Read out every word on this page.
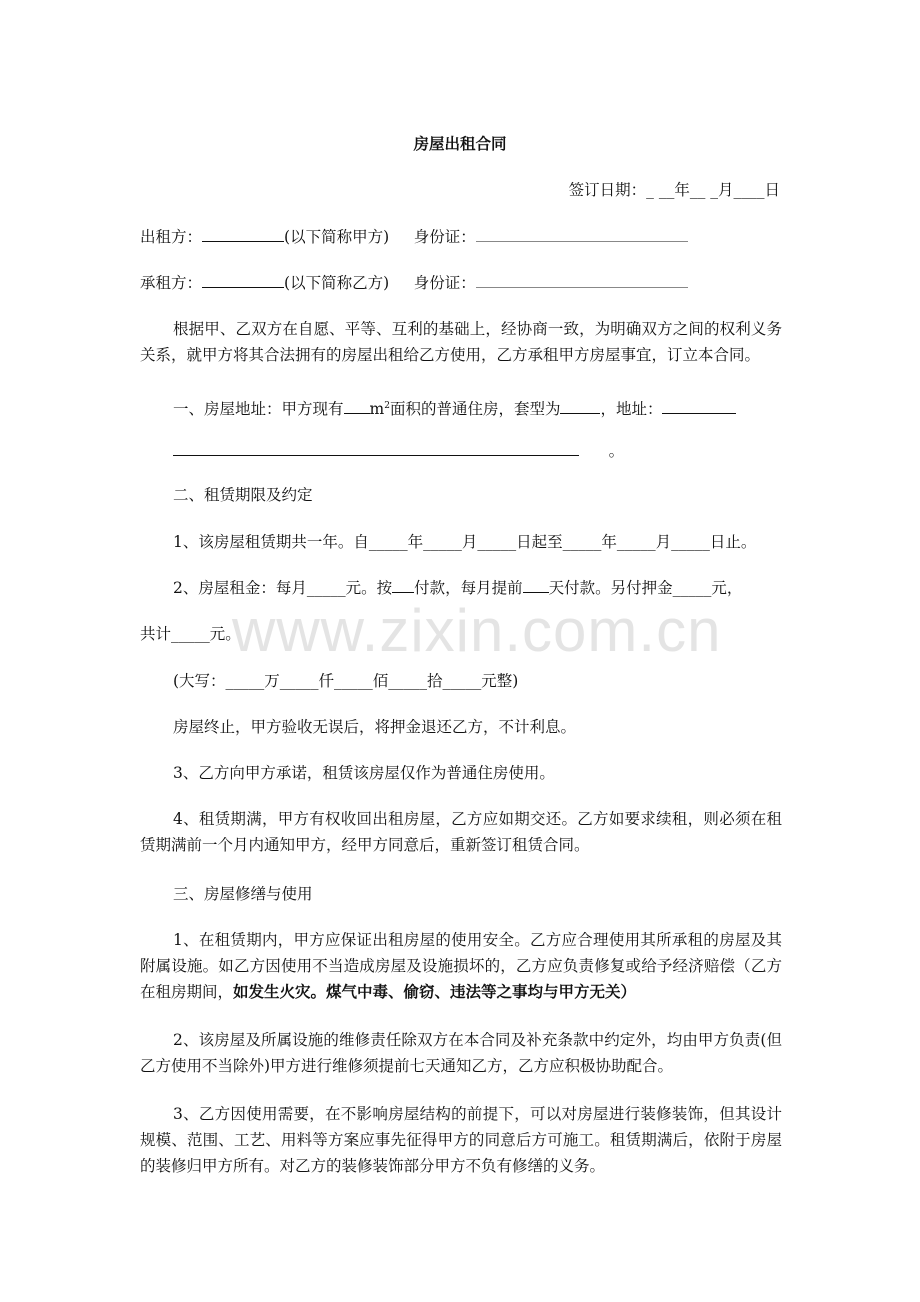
房屋出租合同
签订日期：_ __年__ _月____日
出租方：	(以下简称甲方) 身份证：
承租方：	(以下简称乙方) 身份证：
根据甲、乙双方在自愿、平等、互利的基础上，经协商一致，为明确双方之间的权利义务关系，就甲方将其合法拥有的房屋出租给乙方使用，乙方承租甲方房屋事宜，订立本合同。
一、房屋地址：甲方现有 $m^2$面积的普通住房，套型为	，地址：
。
二、租赁期限及约定
1、该房屋租赁期共一年。自_____年_____月_____日起至_____年_____月_____日止。
2、房屋租金：每月_____元。按 付款，每月提前 天付款。另付押金_____元，
共计_____元。
(大写：_____万_____仟_____佰_____拾_____元整)
房屋终止，甲方验收无误后，将押金退还乙方，不计利息。
3、乙方向甲方承诺，租赁该房屋仅作为普通住房使用。
4、租赁期满，甲方有权收回出租房屋，乙方应如期交还。乙方如要求续租，则必须在租赁期满前一个月内通知甲方，经甲方同意后，重新签订租赁合同。
三、房屋修缮与使用
1、在租赁期内，甲方应保证出租房屋的使用安全。乙方应合理使用其所承租的房屋及其附属设施。如乙方因使用不当造成房屋及设施损坏的，乙方应负责修复或给予经济赔偿（乙方在租房期间，如发生火灾。煤气中毒、偷窃、违法等之事均与甲方无关）
2、该房屋及所属设施的维修责任除双方在本合同及补充条款中约定外，均由甲方负责(但乙方使用不当除外)甲方进行维修须提前七天通知乙方，乙方应积极协助配合。
3、乙方因使用需要，在不影响房屋结构的前提下，可以对房屋进行装修装饰，但其设计规模、范围、工艺、用料等方案应事先征得甲方的同意后方可施工。租赁期满后，依附于房屋的装修归甲方所有。对乙方的装修装饰部分甲方不负有修缮的义务。
www.zixin.com.cn
